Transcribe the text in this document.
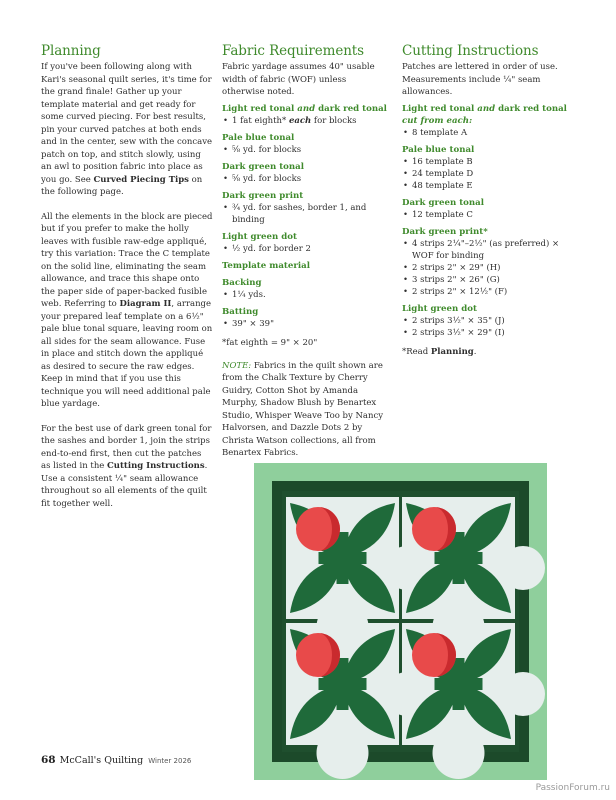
Planning

If you've been following along with Kari's seasonal quilt series, it's time for the grand finale! Gather up your template material and get ready for some curved piecing. For best results, pin your curved patches at both ends and in the center, sew with the concave patch on top, and stitch slowly, using an awl to position fabric into place as you go. See Curved Piecing Tips on the following page.

All the elements in the block are pieced but if you prefer to make the holly leaves with fusible raw-edge appliqué, try this variation: Trace the C template on the solid line, eliminating the seam allowance, and trace this shape onto the paper side of paper-backed fusible web. Referring to Diagram II, arrange your prepared leaf template on a 6½" pale blue tonal square, leaving room on all sides for the seam allowance. Fuse in place and stitch down the appliqué as desired to secure the raw edges. Keep in mind that if you use this technique you will need additional pale blue yardage.

For the best use of dark green tonal for the sashes and border 1, join the strips end-to-end first, then cut the patches as listed in the Cutting Instructions. Use a consistent ¼" seam allowance throughout so all elements of the quilt fit together well.

Fabric Requirements

Fabric yardage assumes 40" usable width of fabric (WOF) unless otherwise noted.

Light red tonal and dark red tonal
• 1 fat eighth* each for blocks
Pale blue tonal
• ⅝ yd. for blocks
Dark green tonal
• ⅝ yd. for blocks
Dark green print
• ¾ yd. for sashes, border 1, and binding
Light green dot
• ½ yd. for border 2
Template material
Backing
• 1¼ yds.
Batting
• 39" × 39"
*fat eighth = 9" × 20"

NOTE: Fabrics in the quilt shown are from the Chalk Texture by Cherry Guidry, Cotton Shot by Amanda Murphy, Shadow Blush by Benartex Studio, Whisper Weave Too by Nancy Halvorsen, and Dazzle Dots 2 by Christa Watson collections, all from Benartex Fabrics.

Cutting Instructions

Patches are lettered in order of use. Measurements include ¼" seam allowances.

Light red tonal and dark red tonal
cut from each:
• 8 template A
Pale blue tonal
• 16 template B
• 24 template D
• 48 template E
Dark green tonal
• 12 template C
Dark green print*
• 4 strips 2¼"–2½" (as preferred) × WOF for binding
• 2 strips 2" × 29" (H)
• 3 strips 2" × 26" (G)
• 2 strips 2" × 12½" (F)
Light green dot
• 2 strips 3½" × 35" (J)
• 2 strips 3½" × 29" (I)
*Read Planning.
68 McCall's Quilting Winter 2026
PassionForum.ru
